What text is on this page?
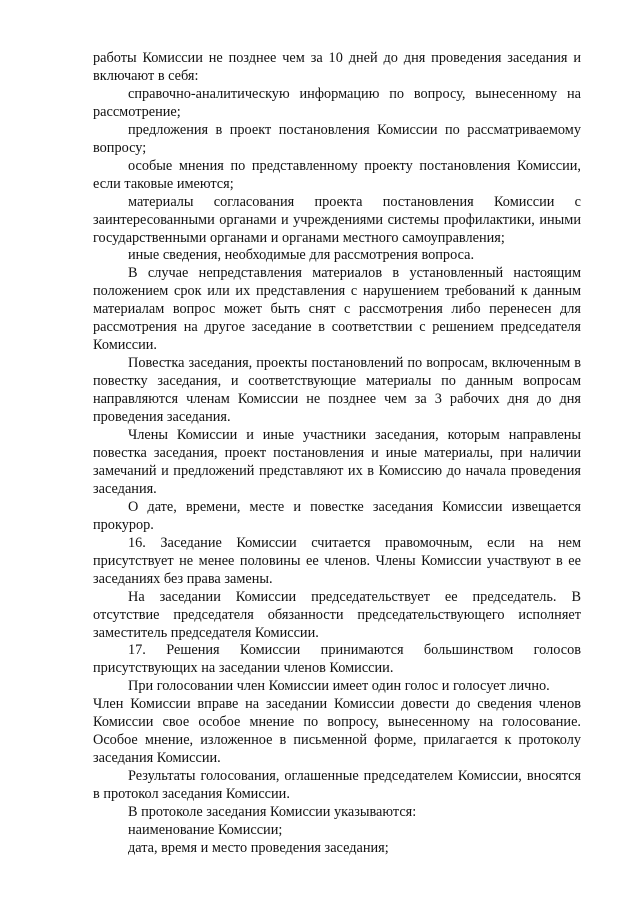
работы Комиссии не позднее чем за 10 дней до дня проведения заседания и включают в себя:

справочно-аналитическую информацию по вопросу, вынесенному на рассмотрение;

предложения в проект постановления Комиссии по рассматриваемому вопросу;

особые мнения по представленному проекту постановления Комиссии, если таковые имеются;

материалы согласования проекта постановления Комиссии с заинтересованными органами и учреждениями системы профилактики, иными государственными органами и органами местного самоуправления;

иные сведения, необходимые для рассмотрения вопроса.

В случае непредставления материалов в установленный настоящим положением срок или их представления с нарушением требований к данным материалам вопрос может быть снят с рассмотрения либо перенесен для рассмотрения на другое заседание в соответствии с решением председателя Комиссии.

Повестка заседания, проекты постановлений по вопросам, включенным в повестку заседания, и соответствующие материалы по данным вопросам направляются членам Комиссии не позднее чем за 3 рабочих дня до дня проведения заседания.

Члены Комиссии и иные участники заседания, которым направлены повестка заседания, проект постановления и иные материалы, при наличии замечаний и предложений представляют их в Комиссию до начала проведения заседания.

О дате, времени, месте и повестке заседания Комиссии извещается прокурор.

16. Заседание Комиссии считается правомочным, если на нем присутствует не менее половины ее членов. Члены Комиссии участвуют в ее заседаниях без права замены.

На заседании Комиссии председательствует ее председатель. В отсутствие председателя обязанности председательствующего исполняет заместитель председателя Комиссии.

17. Решения Комиссии принимаются большинством голосов присутствующих на заседании членов Комиссии.

При голосовании член Комиссии имеет один голос и голосует лично.

Член Комиссии вправе на заседании Комиссии довести до сведения членов Комиссии свое особое мнение по вопросу, вынесенному на голосование. Особое мнение, изложенное в письменной форме, прилагается к протоколу заседания Комиссии.

Результаты голосования, оглашенные председателем Комиссии, вносятся в протокол заседания Комиссии.

В протоколе заседания Комиссии указываются:

наименование Комиссии;

дата, время и место проведения заседания;
